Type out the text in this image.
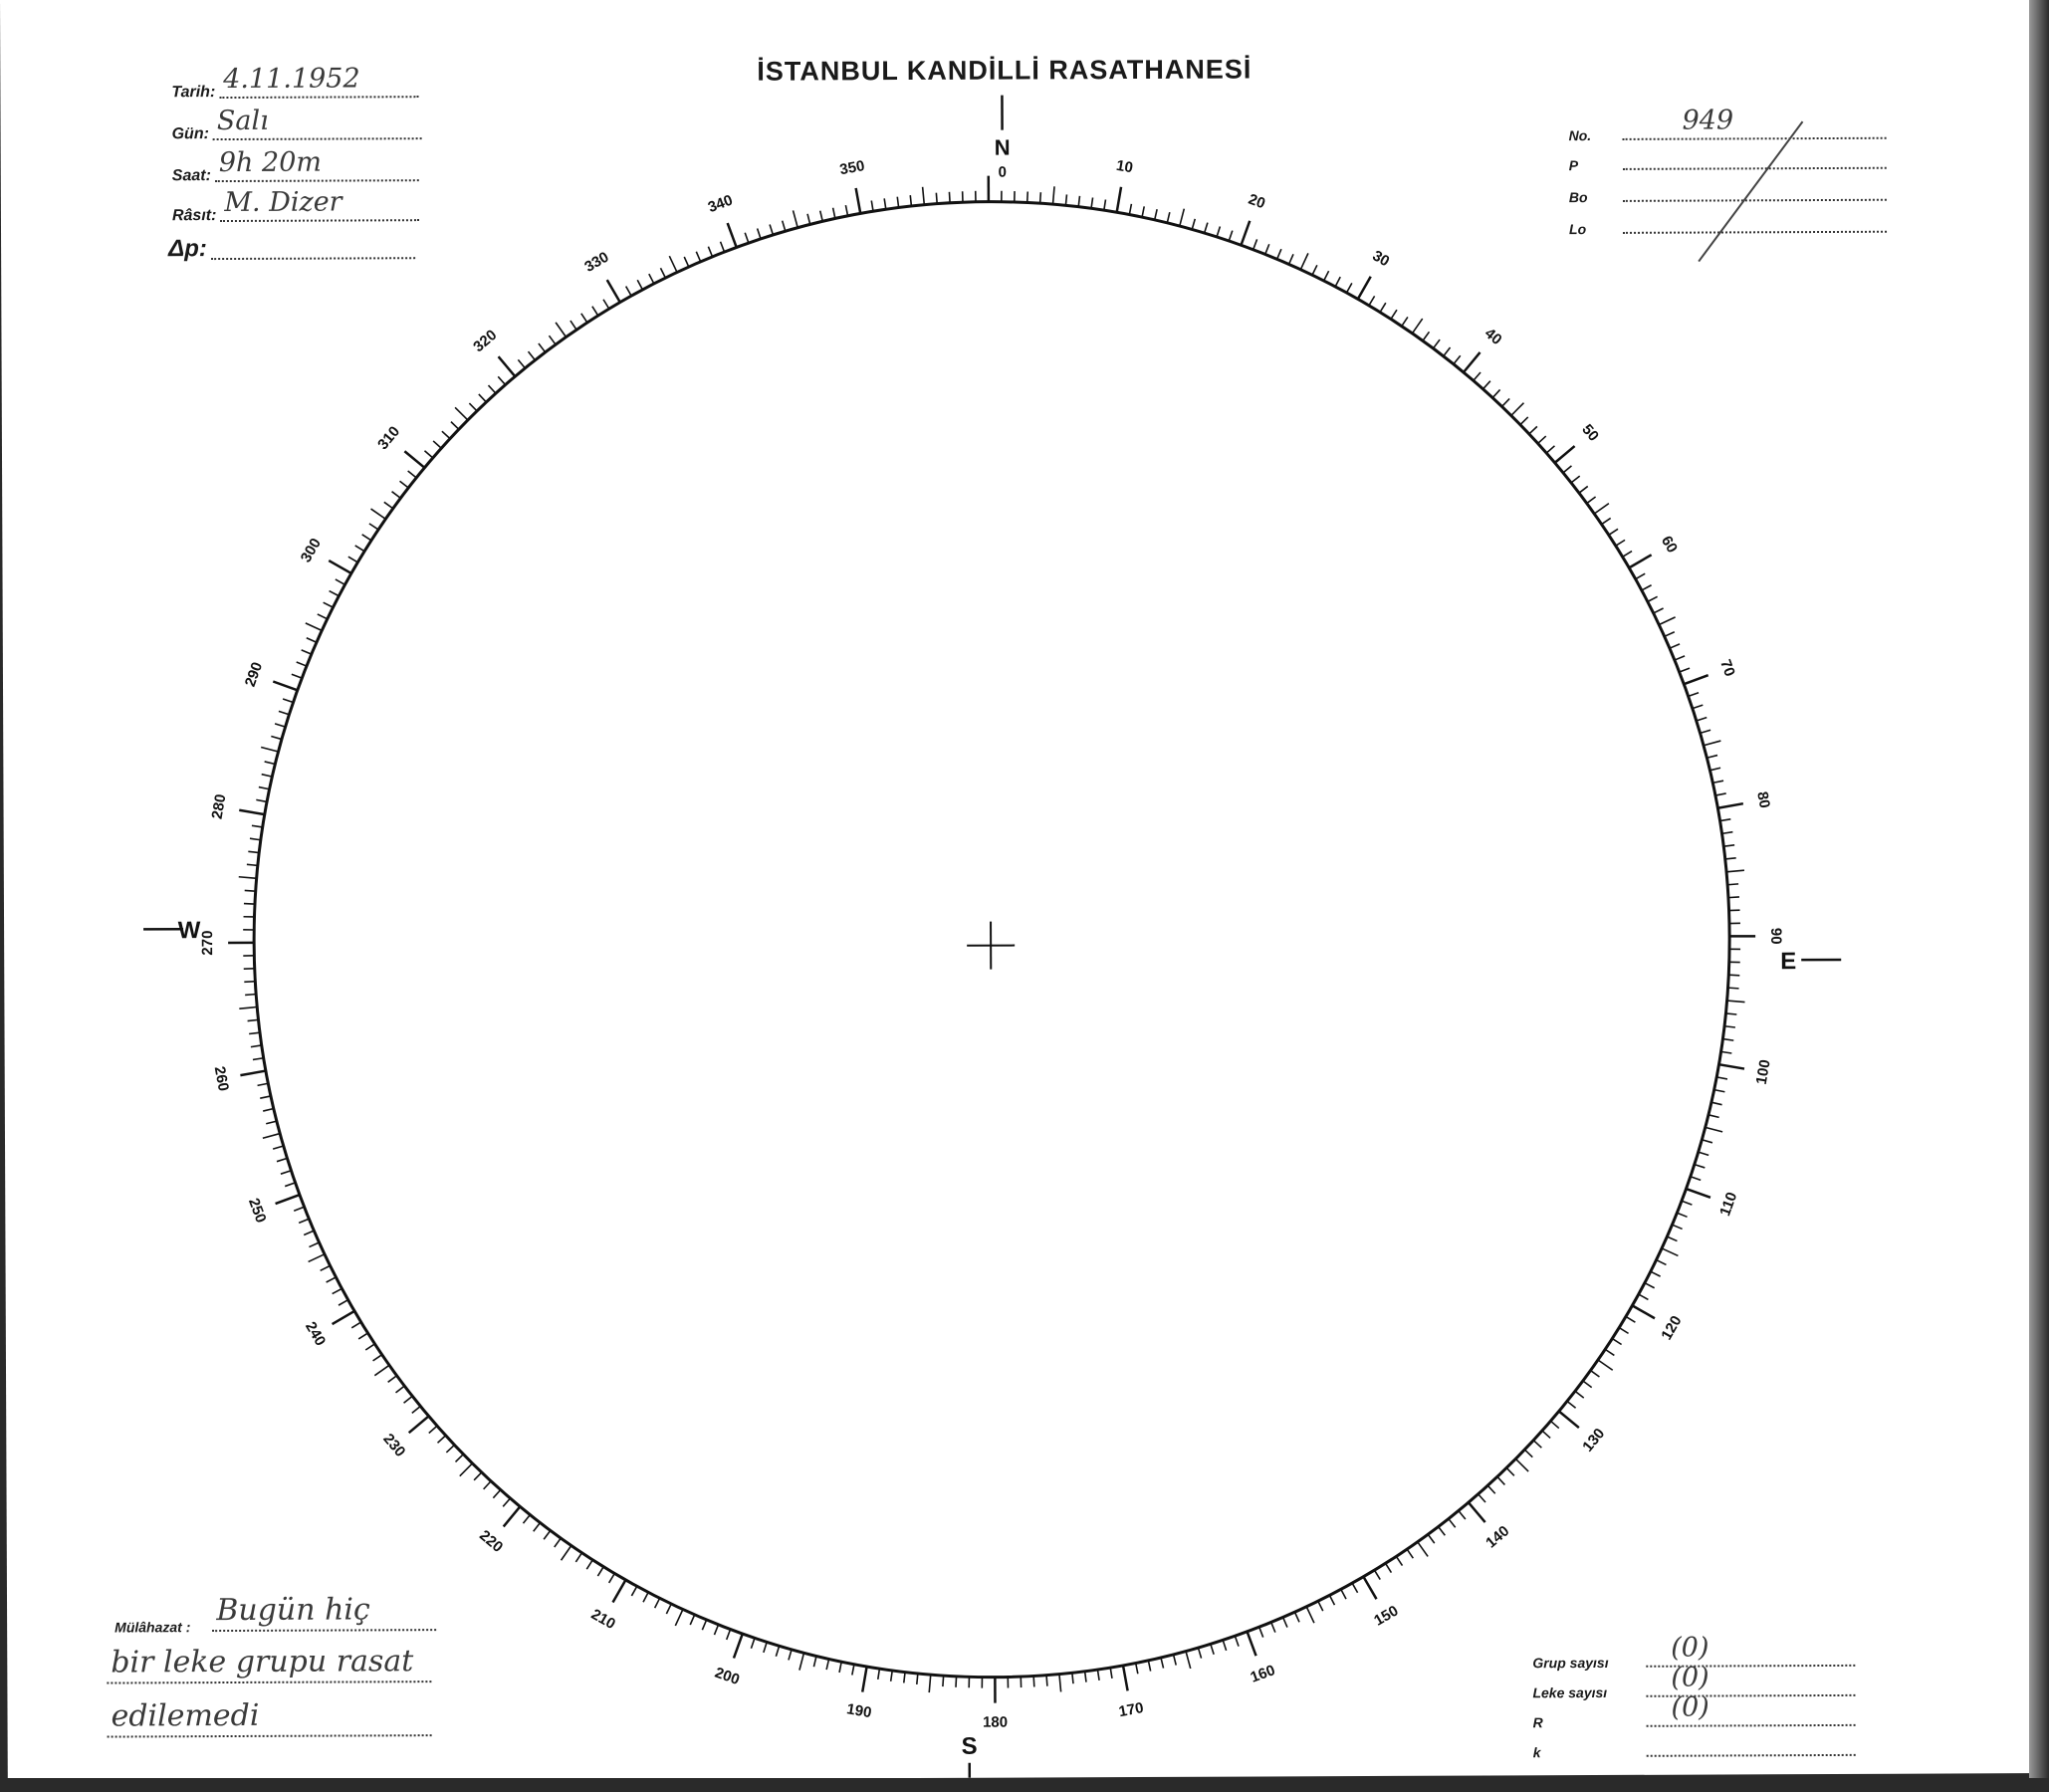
İSTANBUL KANDİLLİ RASATHANESİ
Tarih: 4.11.1952
Gün: Salı
Saat: 9h 20m
Râsıt: M. Dizer
Δp:
No.	949
P
Bo
Lo
10
20
30
40
50
60
70
80
90
100
110
120
130
140
150
160
170
180
190
200
210
220
230
240
250
260
270
280
290
300
310
320
330
340
350
N
0
W
E
S
Mülâhazat : Bugün hiç
bir leke grupu rasat
edilemedi
Grup sayısı	(0)
Leke sayısı	(0)
R	(0)
k
